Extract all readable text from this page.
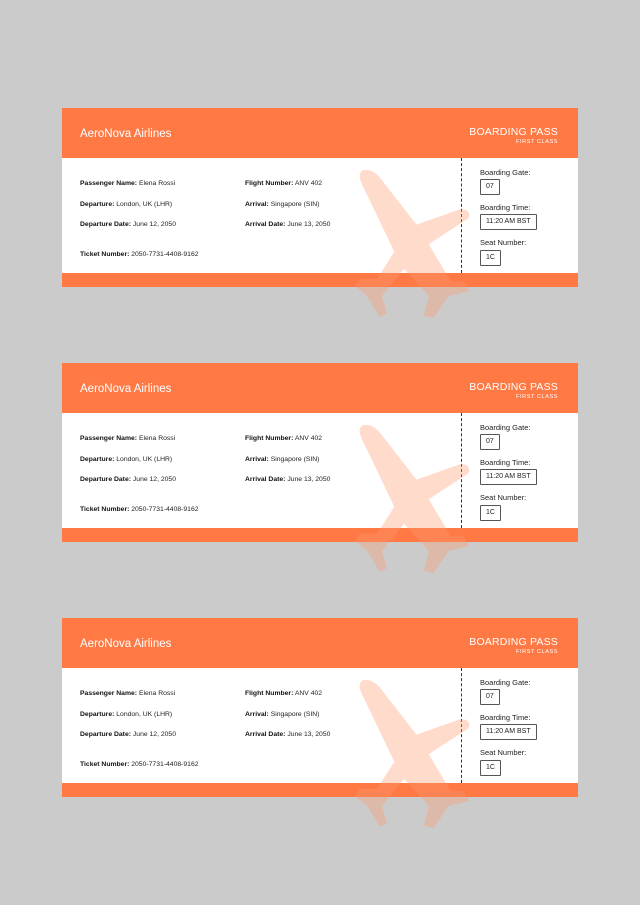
AeroNova Airlines	BOARDING PASS
FIRST CLASS
Passenger Name: Elena Rossi
Departure: London, UK (LHR)
Departure Date: June 12, 2050
Ticket Number: 2050-7731-4408-9162
Flight Number: ANV 402
Arrival: Singapore (SIN)
Arrival Date: June 13, 2050
Boarding Gate:
07
Boarding Time:
11:20 AM BST
Seat Number:
1C
AeroNova Airlines	BOARDING PASS
FIRST CLASS
Passenger Name: Elena Rossi
Departure: London, UK (LHR)
Departure Date: June 12, 2050
Ticket Number: 2050-7731-4408-9162
Flight Number: ANV 402
Arrival: Singapore (SIN)
Arrival Date: June 13, 2050
Boarding Gate:
07
Boarding Time:
11:20 AM BST
Seat Number:
1C
AeroNova Airlines	BOARDING PASS
FIRST CLASS
Passenger Name: Elena Rossi
Departure: London, UK (LHR)
Departure Date: June 12, 2050
Ticket Number: 2050-7731-4408-9162
Flight Number: ANV 402
Arrival: Singapore (SIN)
Arrival Date: June 13, 2050
Boarding Gate:
07
Boarding Time:
11:20 AM BST
Seat Number:
1C
